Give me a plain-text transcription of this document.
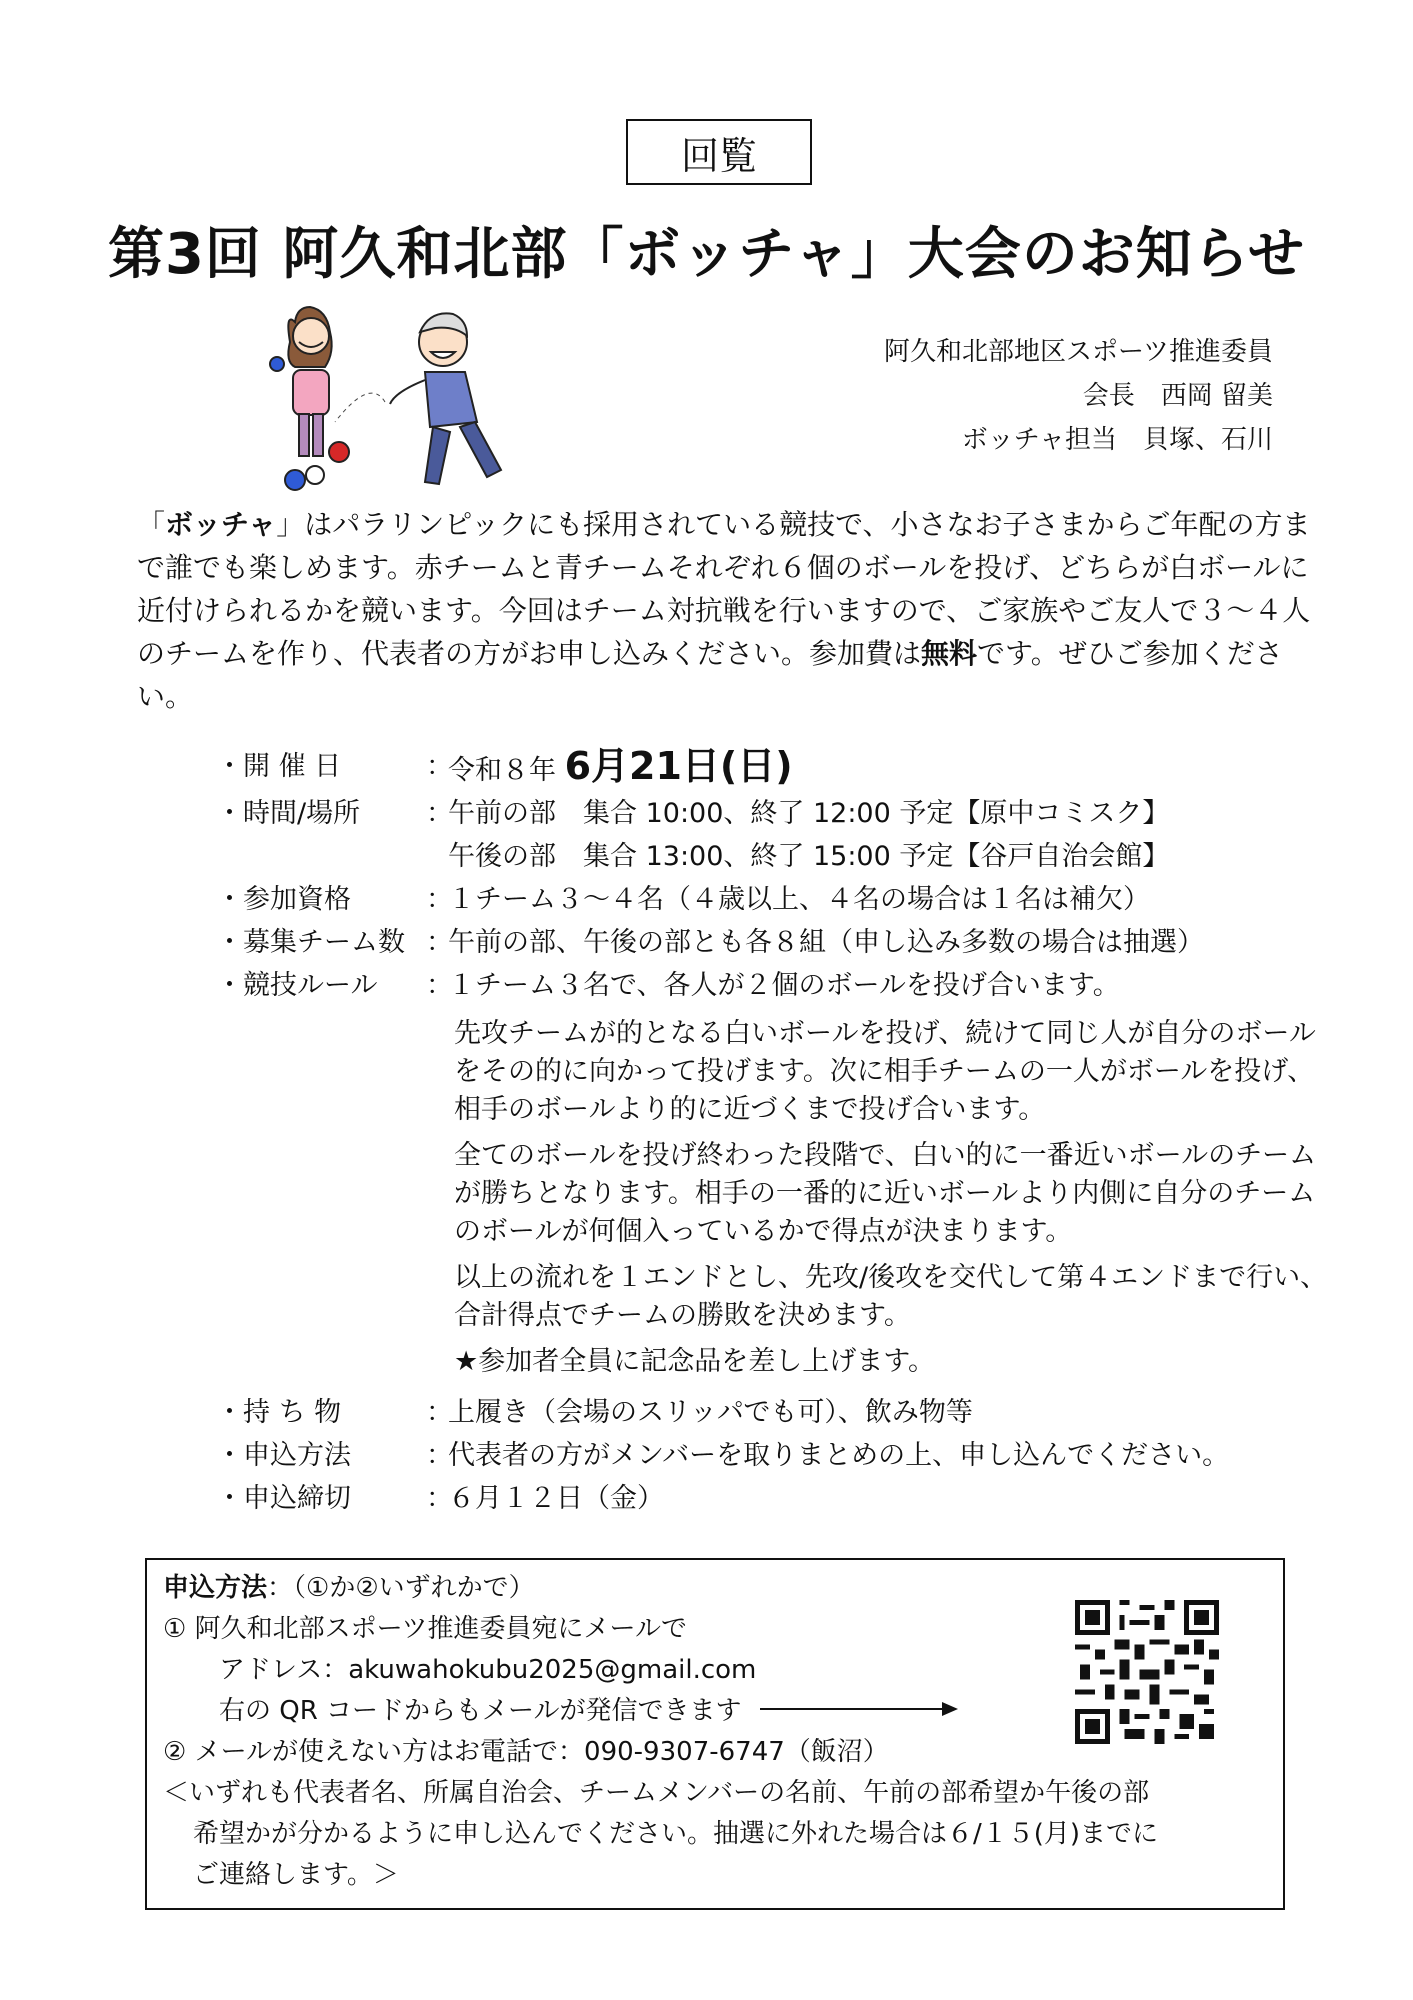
回覧
第3回 阿久和北部「ボッチャ」大会のお知らせ
阿久和北部地区スポーツ推進委員
会長　西岡 留美
ボッチャ担当　貝塚、石川

「ボッチャ」はパラリンピックにも採用されている競技で、小さなお子さまからご年配の方まで誰でも楽しめます。赤チームと青チームそれぞれ６個のボールを投げ、どちらが白ボールに近付けられるかを競います。今回はチーム対抗戦を行いますので、ご家族やご友人で３～４人のチームを作り、代表者の方がお申し込みください。参加費は無料です。ぜひご参加ください。

・開 催 日	：
令和８年 6月21日(日)
・時間/場所	：
午前の部　集合 10:00、終了 12:00 予定【原中コミスク】
午後の部　集合 13:00、終了 15:00 予定【谷戸自治会館】
・参加資格	：
１チーム３～４名（４歳以上、４名の場合は１名は補欠）
・募集チーム数 ：
午前の部、午後の部とも各８組（申し込み多数の場合は抽選）
・競技ルール	：
１チーム３名で、各人が２個のボールを投げ合います。
先攻チームが的となる白いボールを投げ、続けて同じ人が自分のボールをその的に向かって投げます。次に相手チームの一人がボールを投げ、相手のボールより的に近づくまで投げ合います。
全てのボールを投げ終わった段階で、白い的に一番近いボールのチームが勝ちとなります。相手の一番的に近いボールより内側に自分のチームのボールが何個入っているかで得点が決まります。
以上の流れを１エンドとし、先攻/後攻を交代して第４エンドまで行い、合計得点でチームの勝敗を決めます。
★参加者全員に記念品を差し上げます。
・持 ち 物	：
上履き（会場のスリッパでも可）、飲み物等
・申込方法	：
代表者の方がメンバーを取りまとめの上、申し込んでください。
・申込締切	：
６月１２日（金）
申込方法：（①か②いずれかで）
① 阿久和北部スポーツ推進委員宛にメールで
アドレス：akuwahokubu2025@gmail.com
右の QR コードからもメールが発信できます
② メールが使えない方はお電話で：090-9307-6747（飯沼）
＜いずれも代表者名、所属自治会、チームメンバーの名前、午前の部希望か午後の部
希望かが分かるように申し込んでください。抽選に外れた場合は６/１５(月)までに
ご連絡します。＞
